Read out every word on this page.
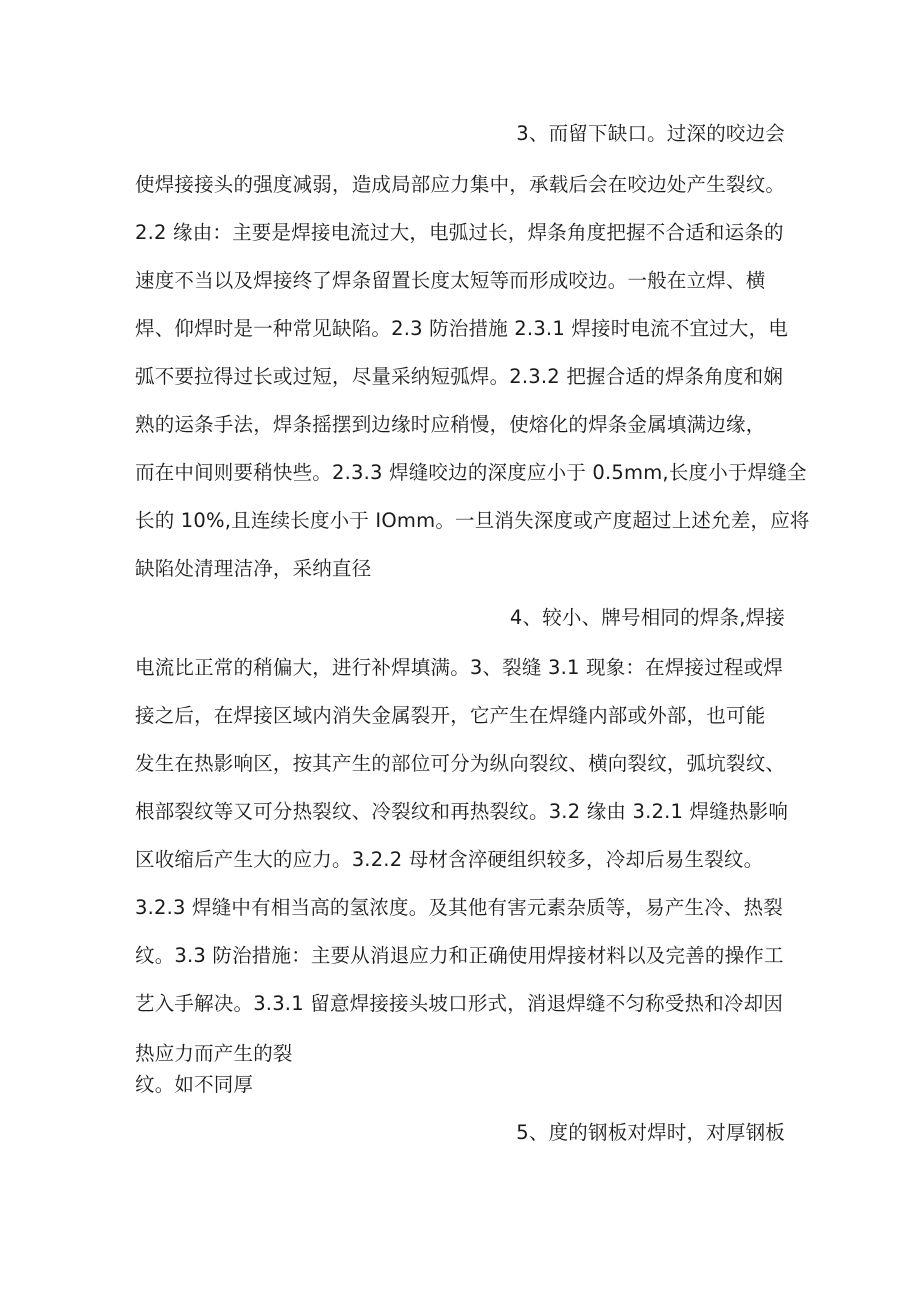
3、而留下缺口。过深的咬边会
使焊接接头的强度减弱，造成局部应力集中，承载后会在咬边处产生裂纹。
2.2 缘由：主要是焊接电流过大，电弧过长，焊条角度把握不合适和运条的
速度不当以及焊接终了焊条留置长度太短等而形成咬边。一般在立焊、横
焊、仰焊时是一种常见缺陷。2.3 防治措施 2.3.1 焊接时电流不宜过大，电
弧不要拉得过长或过短，尽量采纳短弧焊。2.3.2 把握合适的焊条角度和娴
熟的运条手法，焊条摇摆到边缘时应稍慢，使熔化的焊条金属填满边缘，
而在中间则要稍快些。2.3.3 焊缝咬边的深度应小于 0.5mm,长度小于焊缝全
长的 10%,且连续长度小于 IOmm。一旦消失深度或产度超过上述允差，应将
缺陷处清理洁净，采纳直径
4、较小、牌号相同的焊条,焊接
电流比正常的稍偏大，进行补焊填满。3、裂缝 3.1 现象：在焊接过程或焊
接之后，在焊接区域内消失金属裂开，它产生在焊缝内部或外部，也可能
发生在热影响区，按其产生的部位可分为纵向裂纹、横向裂纹，弧坑裂纹、
根部裂纹等又可分热裂纹、冷裂纹和再热裂纹。3.2 缘由 3.2.1 焊缝热影响
区收缩后产生大的应力。3.2.2 母材含淬硬组织较多，冷却后易生裂纹。
3.2.3 焊缝中有相当高的氢浓度。及其他有害元素杂质等，易产生冷、热裂
纹。3.3 防治措施：主要从消退应力和正确使用焊接材料以及完善的操作工
艺入手解决。3.3.1 留意焊接接头坡口形式，消退焊缝不匀称受热和冷却因
热应力而产生的裂
纹。如不同厚
5、度的钢板对焊时，对厚钢板
